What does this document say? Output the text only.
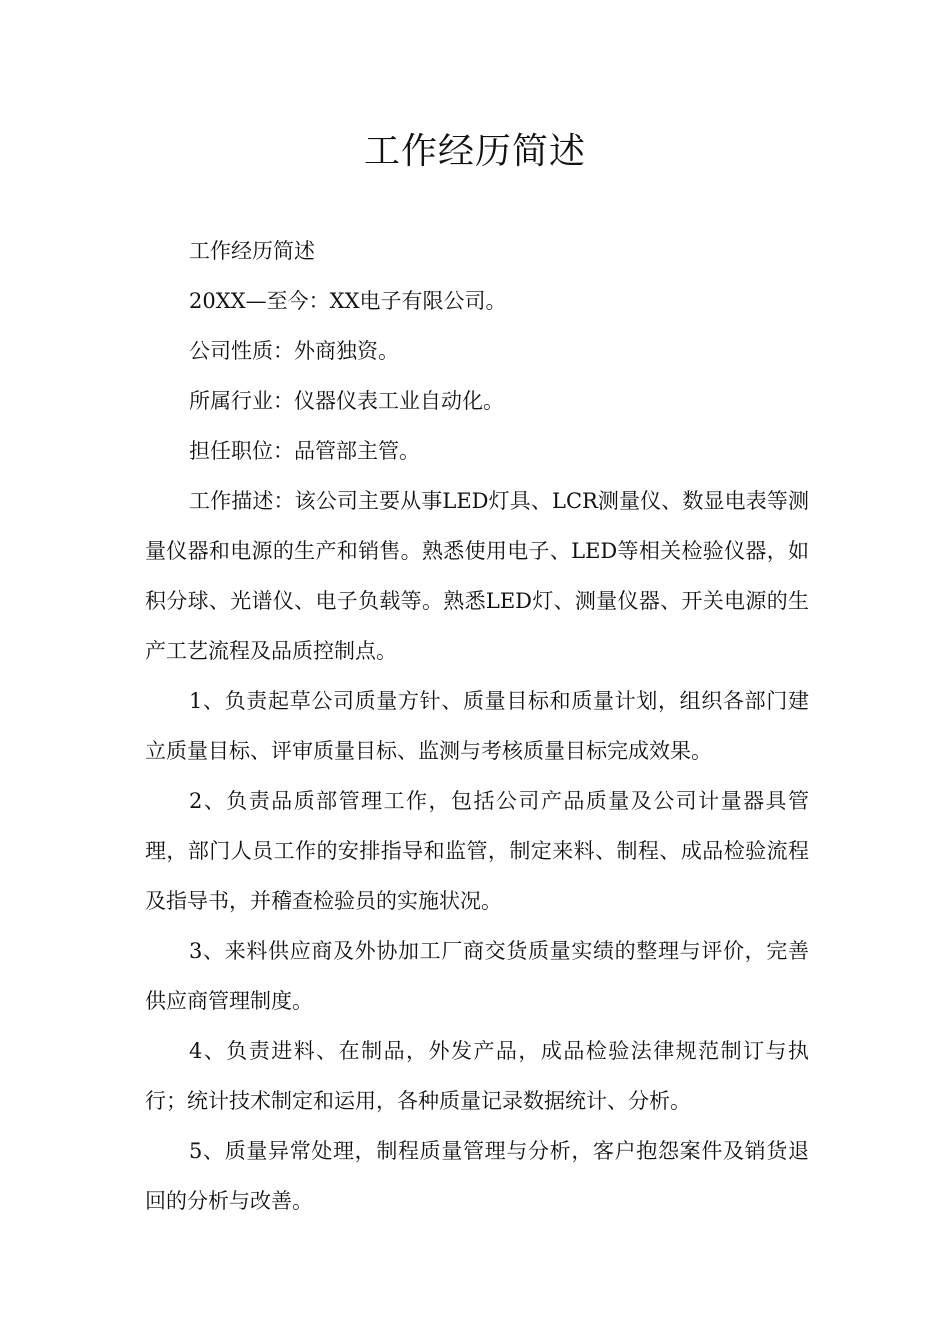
工作经历简述

工作经历简述

20XX—至今：XX电子有限公司。

公司性质：外商独资。

所属行业：仪器仪表工业自动化。

担任职位：品管部主管。

工作描述：该公司主要从事LED灯具、LCR测量仪、数显电表等测量仪器和电源的生产和销售。熟悉使用电子、LED等相关检验仪器，如积分球、光谱仪、电子负载等。熟悉LED灯、测量仪器、开关电源的生产工艺流程及品质控制点。

1、负责起草公司质量方针、质量目标和质量计划，组织各部门建立质量目标、评审质量目标、监测与考核质量目标完成效果。

2、负责品质部管理工作，包括公司产品质量及公司计量器具管理，部门人员工作的安排指导和监管，制定来料、制程、成品检验流程及指导书，并稽查检验员的实施状况。

3、来料供应商及外协加工厂商交货质量实绩的整理与评价，完善供应商管理制度。

4、负责进料、在制品，外发产品，成品检验法律规范制订与执行；统计技术制定和运用，各种质量记录数据统计、分析。

5、质量异常处理，制程质量管理与分析，客户抱怨案件及销货退回的分析与改善。
